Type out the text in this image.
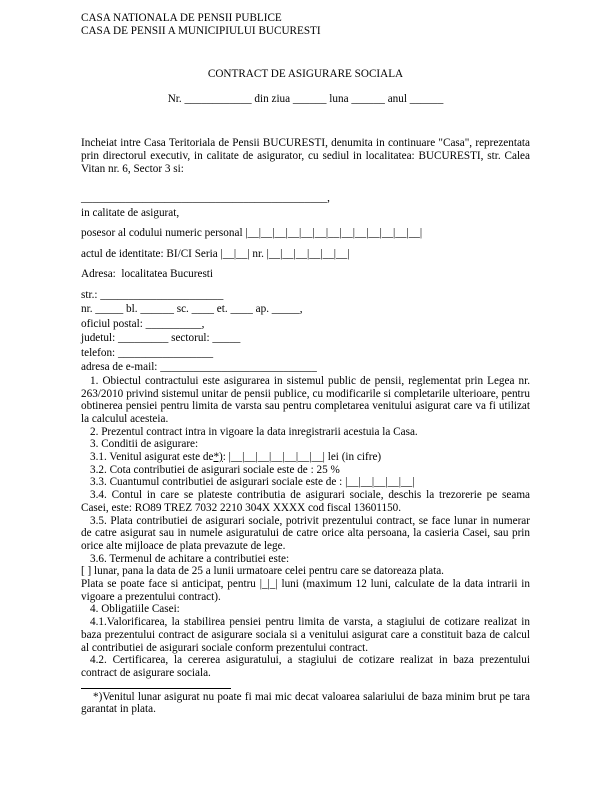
CASA NATIONALA DE PENSII PUBLICE
CASA DE PENSII A MUNICIPIULUI BUCURESTI
CONTRACT DE ASIGURARE SOCIALA
Nr. ____________ din ziua ______ luna ______ anul ______
Incheiat intre Casa Teritoriala de Pensii BUCURESTI, denumita in continuare "Casa", reprezentata prin directorul executiv, in calitate de asigurator, cu sediul in localitatea: BUCURESTI, str. Calea Vitan nr. 6, Sector 3 si:
____________________________________________,
in calitate de asigurat,
posesor al codului numeric personal |__|__|__|__|__|__|__|__|__|__|__|__|__|
actul de identitate: BI/CI Seria |__|__| nr. |__|__|__|__|__|__|
Adresa:  localitatea Bucuresti
str.: ______________________
nr. _____ bl. ______ sc. ____ et. ____ ap. _____,
oficiul postal: __________,
judetul: _________ sectorul: _____
telefon: _________________
adresa de e-mail: ____________________________
1. Obiectul contractului este asigurarea in sistemul public de pensii, reglementat prin Legea nr. 263/2010 privind sistemul unitar de pensii publice, cu modificarile si completarile ulterioare, pentru obtinerea pensiei pentru limita de varsta sau pentru completarea venitului asigurat care va fi utilizat la calculul acesteia.
2. Prezentul contract intra in vigoare la data inregistrarii acestuia la Casa.
3. Conditii de asigurare:
3.1. Venitul asigurat este de*): |__|__|__|__|__|__|__| lei (in cifre)
3.2. Cota contributiei de asigurari sociale este de : 25 %
3.3. Cuantumul contributiei de asigurari sociale este de : |__|__|__|__|__|
3.4. Contul in care se plateste contributia de asigurari sociale, deschis la trezorerie pe seama Casei, este: RO89 TREZ 7032 2210 304X XXXX cod fiscal 13601150.
3.5. Plata contributiei de asigurari sociale, potrivit prezentului contract, se face lunar in numerar de catre asigurat sau in numele asiguratului de catre orice alta persoana, la casieria Casei, sau prin orice alte mijloace de plata prevazute de lege.
3.6. Termenul de achitare a contributiei este:
[ ] lunar, pana la data de 25 a lunii urmatoare celei pentru care se datoreaza plata.
Plata se poate face si anticipat, pentru |_|_| luni (maximum 12 luni, calculate de la data intrarii in vigoare a prezentului contract).
4. Obligatiile Casei:
4.1.Valorificarea, la stabilirea pensiei pentru limita de varsta, a stagiului de cotizare realizat in baza prezentului contract de asigurare sociala si a venitului asigurat care a constituit baza de calcul al contributiei de asigurari sociale conform prezentului contract.
4.2. Certificarea, la cererea asiguratului, a stagiului de cotizare realizat in baza prezentului contract de asigurare sociala.
*)Venitul lunar asigurat nu poate fi mai mic decat valoarea salariului de baza minim brut pe tara garantat in plata.
